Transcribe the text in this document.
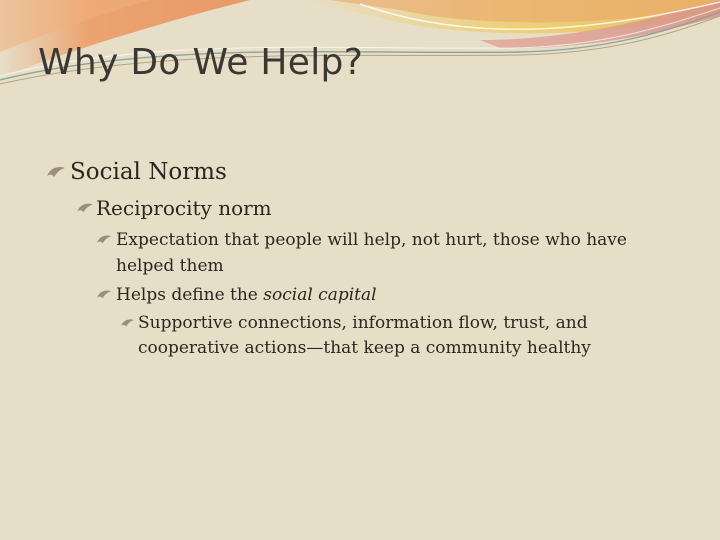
Why Do We Help?
Social Norms
Reciprocity norm
Expectation that people will help, not hurt, those who have helped them
Helps define the social capital
Supportive connections, information flow, trust, and cooperative actions—that keep a community healthy
